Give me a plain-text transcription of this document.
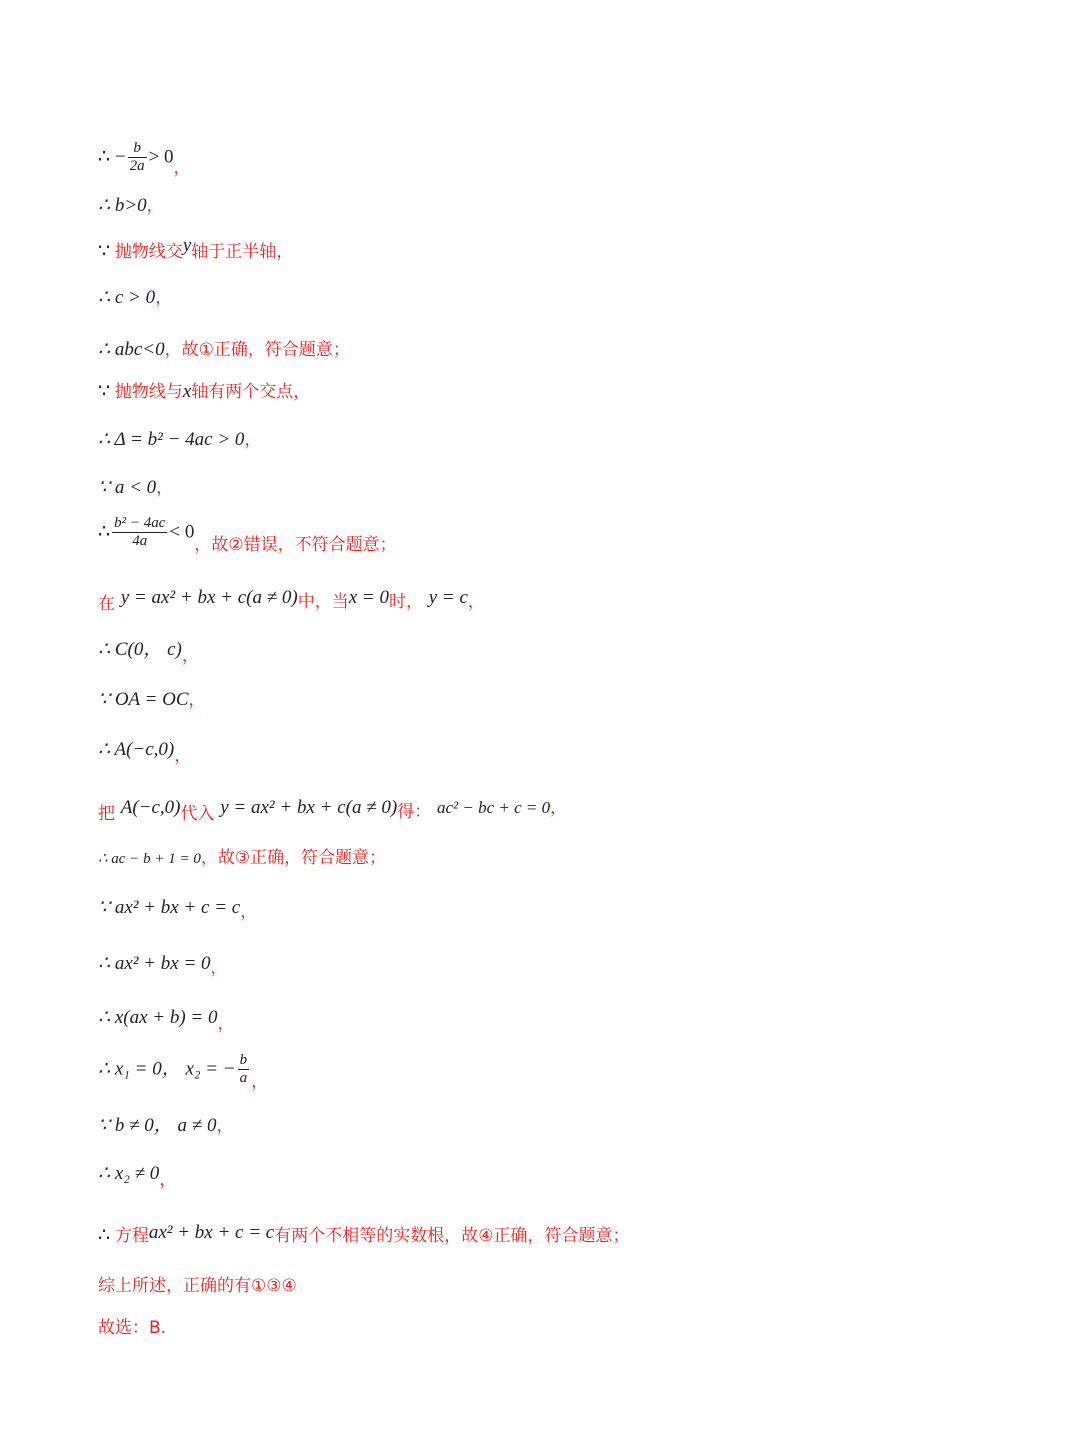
∴ − $\frac{b}{2a} > 0$，
∴ b>0，
∵ 抛物线交y轴于正半轴，
∴ c > 0，
∴ abc<0，故①正确，符合题意；
∵ 抛物线与x轴有两个交点，
∴ Δ = b² − 4ac > 0，
∵ a < 0，
∴ $\frac{\text{b² − 4ac}}{4a} < 0$，故②错误，不符合题意；
在 y = ax² + bx + c(a ≠ 0)中，当x = 0时， y = c，
∴ C(0， c)，
∵ OA = OC，
∴ A(−c,0)，
把 A(−c,0)代入 y = ax² + bx + c(a ≠ 0)得： ac² − bc + c = 0，
∴ ac − b + 1 = 0，故③正确，符合题意；
∵ ax² + bx + c = c，
∴ ax² + bx = 0，
∴ x(ax + b) = 0，
∴ x₁ = 0， x₂ = − $\frac{b}{a}$ ，
∵ b ≠ 0， a ≠ 0，
∴ x₂ ≠ 0，
∴ 方程ax² + bx + c = c有两个不相等的实数根，故④正确，符合题意；
综上所述，正确的有①③④
故选：B.
